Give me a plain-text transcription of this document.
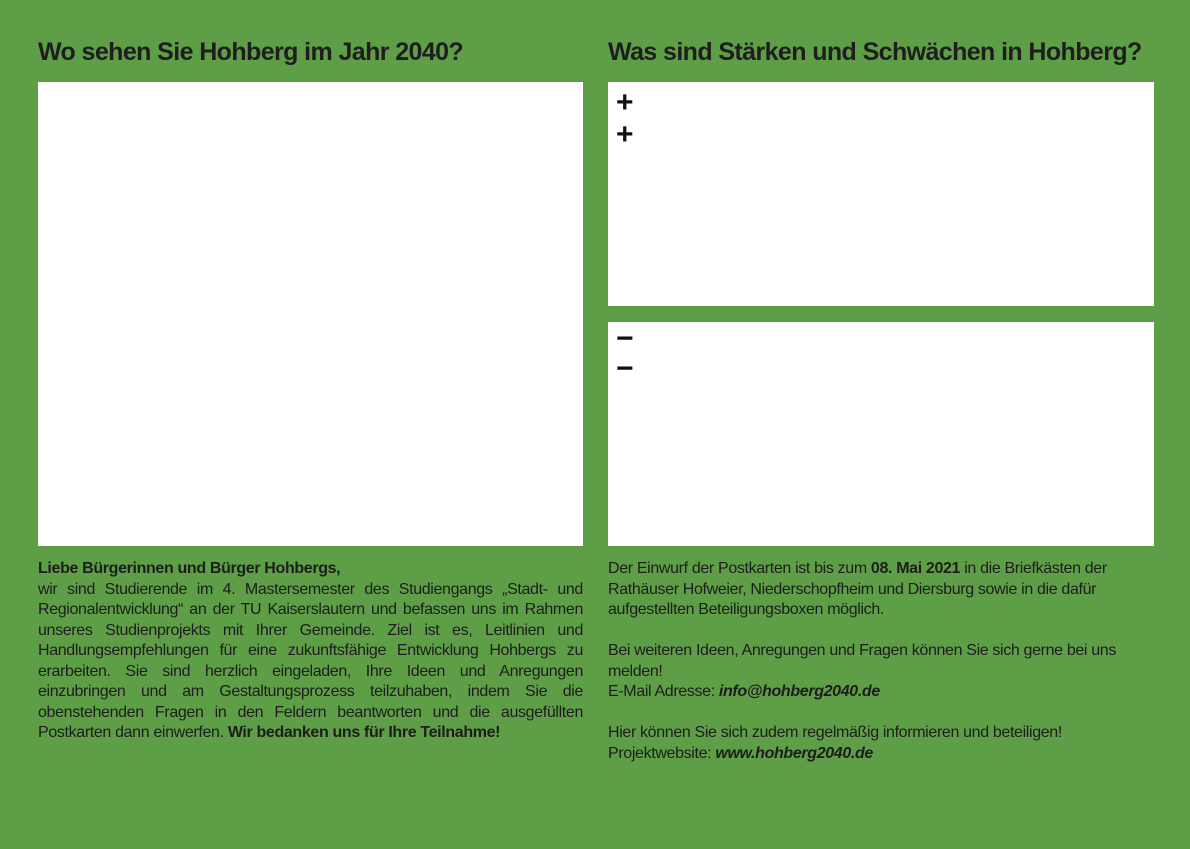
Wo sehen Sie Hohberg im Jahr 2040?	Was sind Stärken und Schwächen in Hohberg?
+
+
−
−

Liebe Bürgerinnen und Bürger Hohbergs,

wir sind Studierende im 4. Mastersemester des Studiengangs „Stadt- und Regionalentwicklung“ an der TU Kaiserslautern und befassen uns im Rahmen unseres Studienprojekts mit Ihrer Gemeinde. Ziel ist es, Leitlinien und Handlungsempfehlungen für eine zukunftsfähige Entwicklung Hohbergs zu erarbeiten. Sie sind herzlich eingeladen, Ihre Ideen und Anregungen einzubringen und am Gestaltungsprozess teilzuhaben, indem Sie die obenstehenden Fragen in den Feldern beantworten und die ausgefüllten Postkarten dann einwerfen. Wir bedanken uns für Ihre Teilnahme!

Der Einwurf der Postkarten ist bis zum 08. Mai 2021 in die Briefkästen der Rathäuser Hofweier, Niederschopfheim und Diersburg sowie in die dafür aufgestellten Beteiligungsboxen möglich.

Bei weiteren Ideen, Anregungen und Fragen können Sie sich gerne bei uns melden!

E-Mail Adresse: info@hohberg2040.de

Hier können Sie sich zudem regelmäßig informieren und beteiligen!

Projektwebsite: www.hohberg2040.de
